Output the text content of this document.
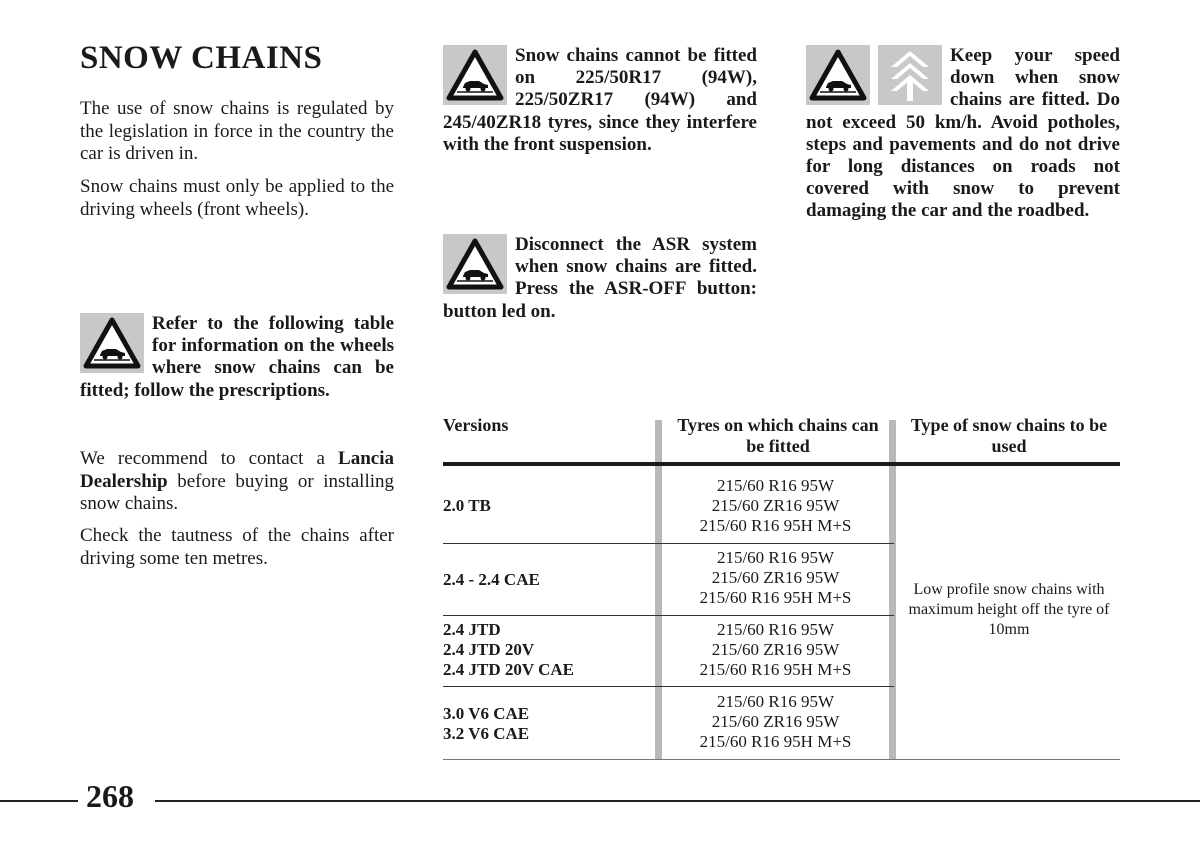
SNOW CHAINS

The use of snow chains is regulated by the legislation in force in the country the car is driven in.

Snow chains must only be applied to the driving wheels (front wheels).

Refer to the following table for information on the wheels where snow chains can be fitted; follow the prescriptions.

We recommend to contact a Lancia Dealership before buying or installing snow chains.

Check the tautness of the chains after driving some ten metres.

Snow chains cannot be fitted on 225/50R17 (94W), 225/50ZR17 (94W) and 245/40ZR18 tyres, since they interfere with the front suspension.

Disconnect the ASR system when snow chains are fitted. Press the ASR-OFF button: button led on.

Keep your speed down when snow chains are fitted. Do not exceed 50 km/h. Avoid potholes, steps and pavements and do not drive for long distances on roads not covered with snow to prevent damaging the car and the roadbed.

Versions	Tyres on which chains can be fitted
Type of snow chains to be used
2.0 TB
215/60 R16 95W
215/60 ZR16 95W
215/60 R16 95H M+S
2.4 - 2.4 CAE
215/60 R16 95W
215/60 ZR16 95W
215/60 R16 95H M+S
2.4 JTD
2.4 JTD 20V
2.4 JTD 20V CAE
215/60 R16 95W
215/60 ZR16 95W
215/60 R16 95H M+S
3.0 V6 CAE
3.2 V6 CAE
215/60 R16 95W
215/60 ZR16 95W
215/60 R16 95H M+S
Low profile snow chains with maximum height off the tyre of 10mm
268
